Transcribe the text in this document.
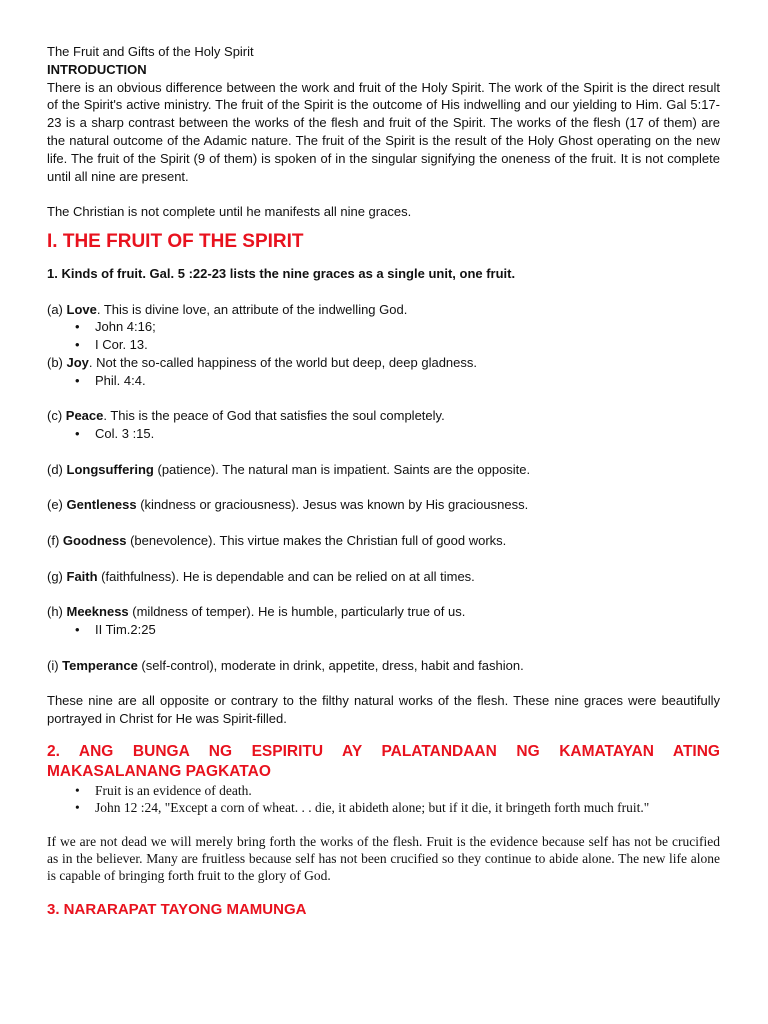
The Fruit and Gifts of the Holy Spirit

INTRODUCTION

There is an obvious difference between the work and fruit of the Holy Spirit. The work of the Spirit is the direct result of the Spirit's active ministry. The fruit of the Spirit is the outcome of His indwelling and our yielding to Him. Gal 5:17-23 is a sharp contrast between the works of the flesh and fruit of the Spirit. The works of the flesh (17 of them) are the natural outcome of the Adamic nature. The fruit of the Spirit is the result of the Holy Ghost operating on the new life. The fruit of the Spirit (9 of them) is spoken of in the singular signifying the oneness of the fruit. It is not complete until all nine are present.

The Christian is not complete until he manifests all nine graces.

I. THE FRUIT OF THE SPIRIT

1. Kinds of fruit. Gal. 5 :22-23 lists the nine graces as a single unit, one fruit.

(a) Love. This is divine love, an attribute of the indwelling God.

• John 4:16;
• I Cor. 13.

(b) Joy. Not the so-called happiness of the world but deep, deep gladness.

• Phil. 4:4.

(c) Peace. This is the peace of God that satisfies the soul completely.

• Col. 3 :15.

(d) Longsuffering (patience). The natural man is impatient. Saints are the opposite.

(e) Gentleness (kindness or graciousness). Jesus was known by His graciousness.

(f) Goodness (benevolence). This virtue makes the Christian full of good works.

(g) Faith (faithfulness). He is dependable and can be relied on at all times.

(h) Meekness (mildness of temper). He is humble, particularly true of us.

• II Tim.2:25

(i) Temperance (self-control), moderate in drink, appetite, dress, habit and fashion.

These nine are all opposite or contrary to the filthy natural works of the flesh. These nine graces were beautifully portrayed in Christ for He was Spirit-filled.

2. ANG BUNGA NG ESPIRITU AY PALATANDAAN NG KAMATAYAN ATING MAKASALANANG PAGKATAO
• Fruit is an evidence of death.
• John 12 :24, "Except a corn of wheat. . . die, it abideth alone; but if it die, it bringeth forth much fruit."

If we are not dead we will merely bring forth the works of the flesh. Fruit is the evidence because self has not be crucified as in the believer. Many are fruitless because self has not been crucified so they continue to abide alone. The new life alone is capable of bringing forth fruit to the glory of God.

3. NARARAPAT TAYONG MAMUNGA
